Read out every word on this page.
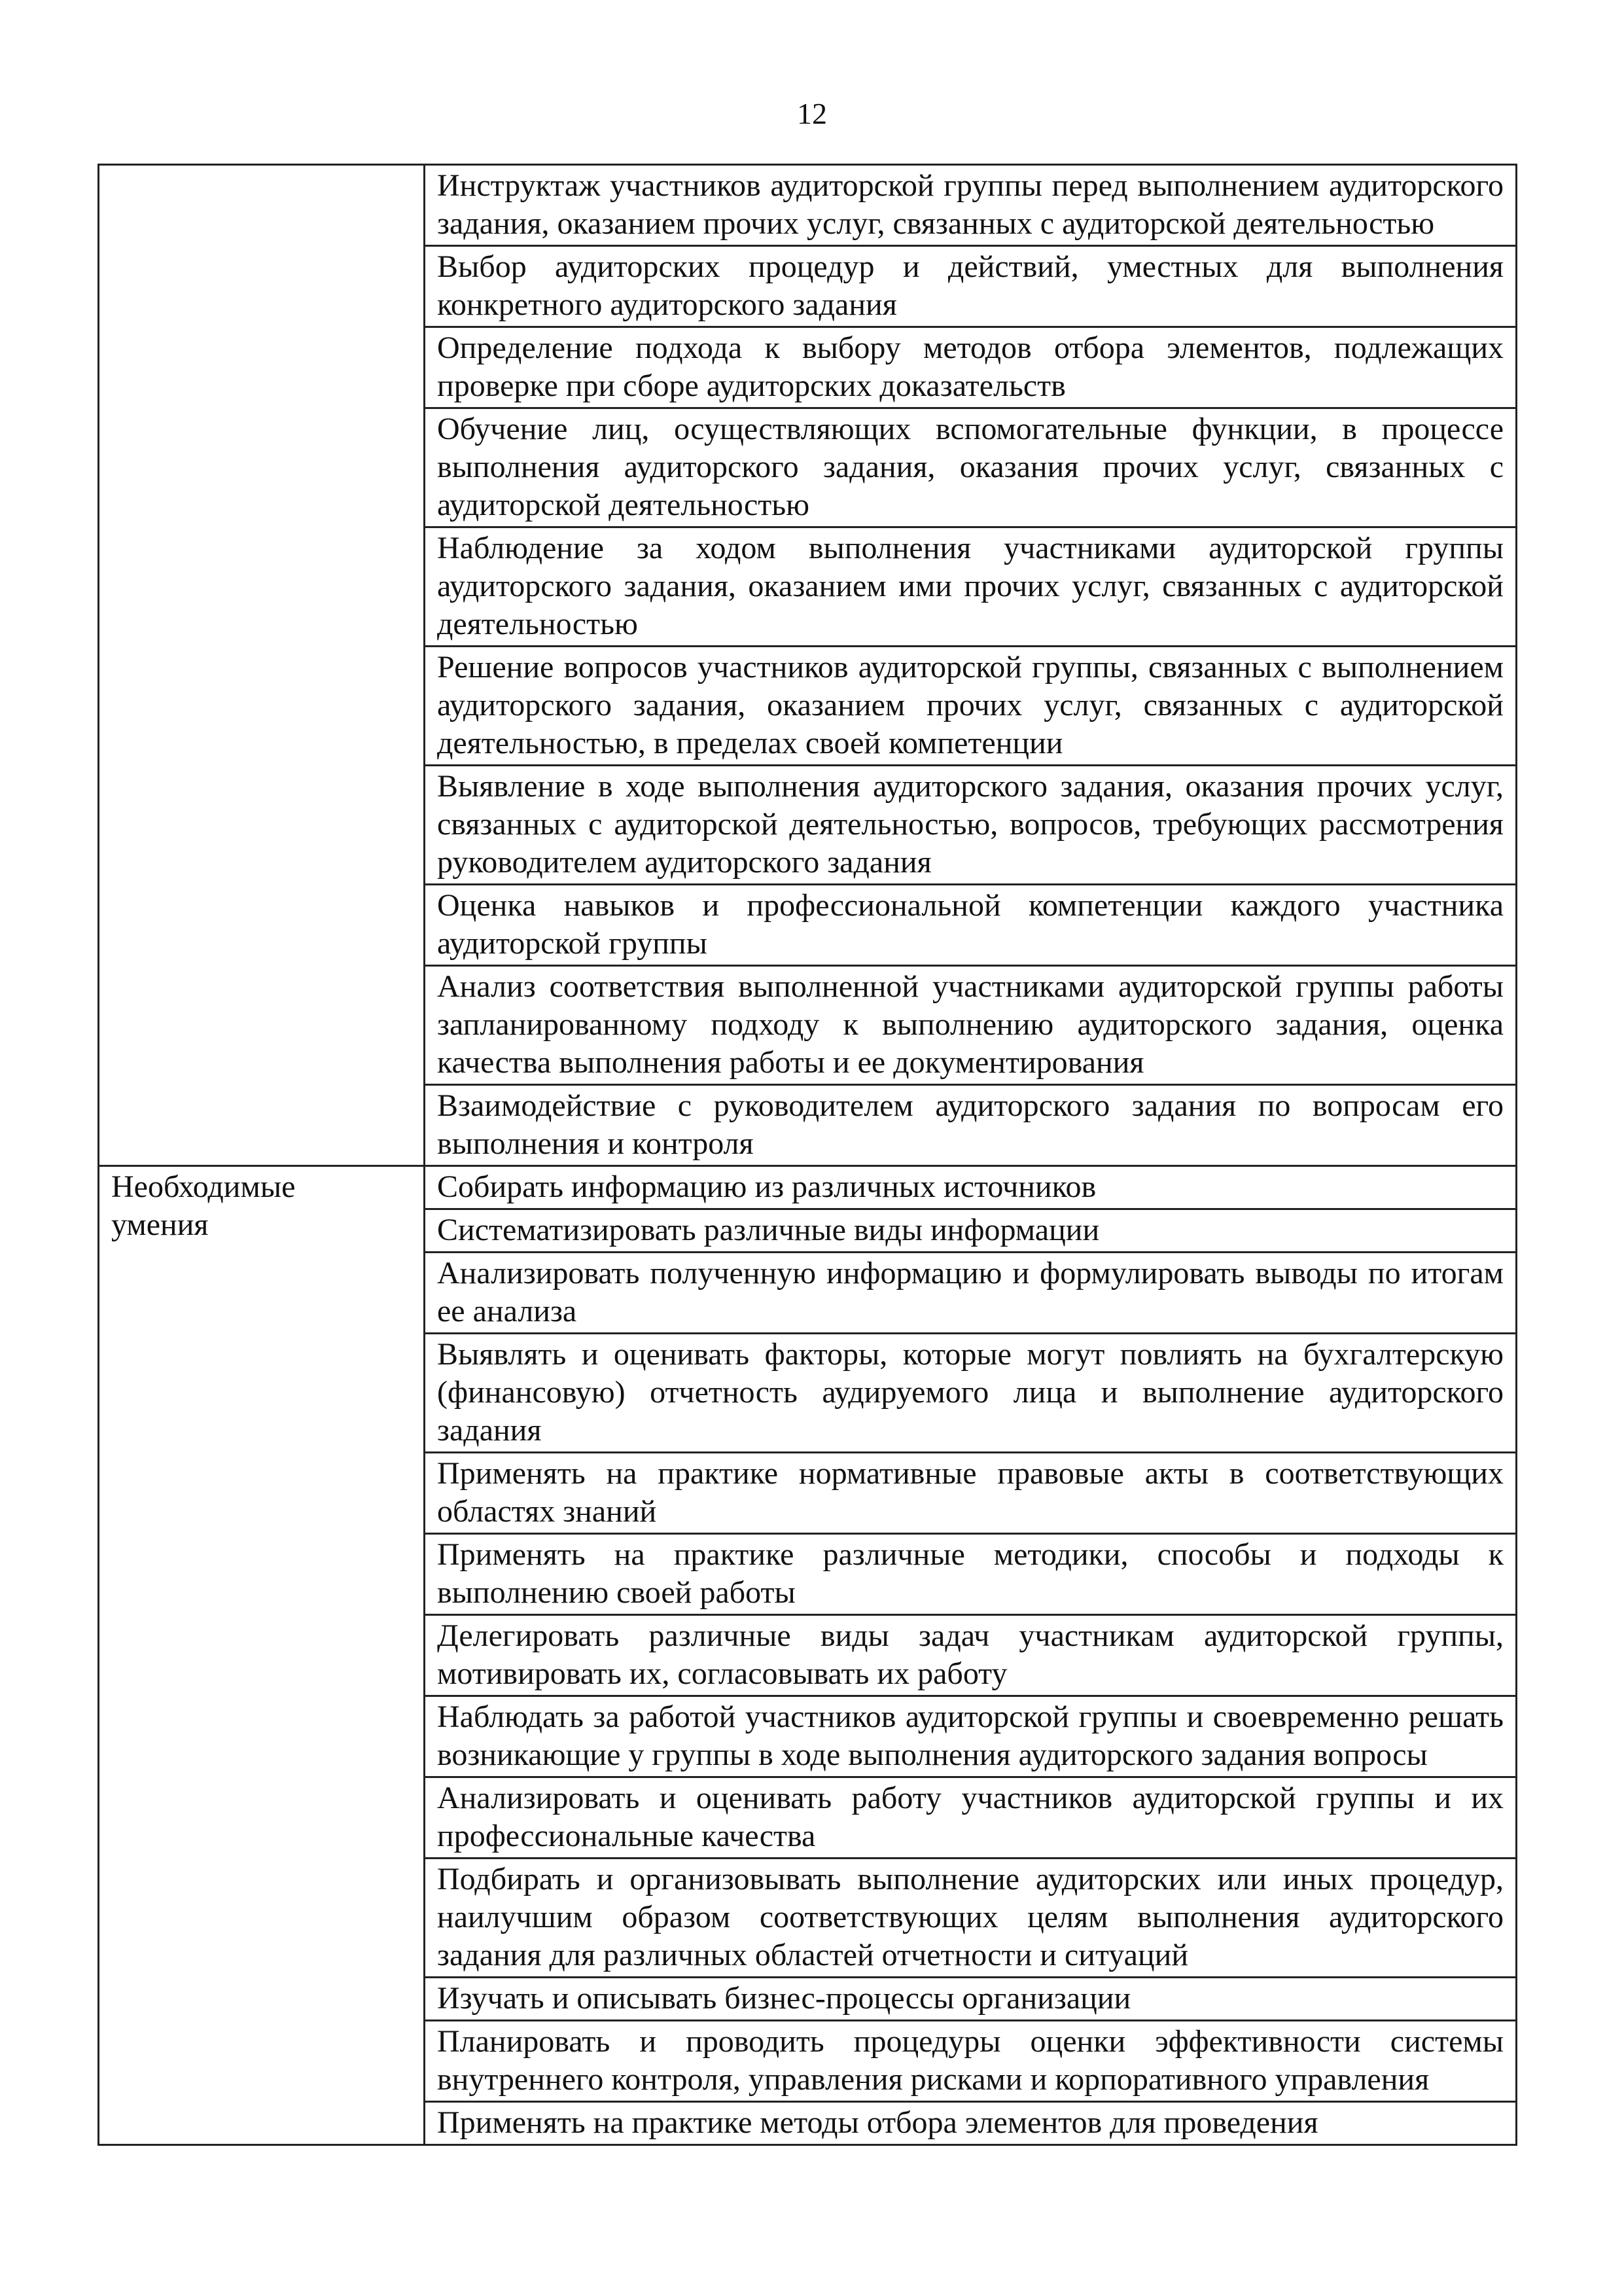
12
	Инструктаж участников аудиторской группы перед выполнением аудиторского задания, оказанием прочих услуг, связанных с аудиторской деятельностью
	Выбор аудиторских процедур и действий, уместных для выполнения конкретного аудиторского задания
	Определение подхода к выбору методов отбора элементов, подлежащих проверке при сборе аудиторских доказательств
	Обучение лиц, осуществляющих вспомогательные функции, в процессе выполнения аудиторского задания, оказания прочих услуг, связанных с аудиторской деятельностью
	Наблюдение за ходом выполнения участниками аудиторской группы аудиторского задания, оказанием ими прочих услуг, связанных с аудиторской деятельностью
	Решение вопросов участников аудиторской группы, связанных с выполнением аудиторского задания, оказанием прочих услуг, связанных с аудиторской деятельностью, в пределах своей компетенции
	Выявление в ходе выполнения аудиторского задания, оказания прочих услуг, связанных с аудиторской деятельностью, вопросов, требующих рассмотрения руководителем аудиторского задания
	Оценка навыков и профессиональной компетенции каждого участника аудиторской группы
	Анализ соответствия выполненной участниками аудиторской группы работы запланированному подходу к выполнению аудиторского задания, оценка качества выполнения работы и ее документирования
	Взаимодействие с руководителем аудиторского задания по вопросам его выполнения и контроля

Необходимые
умения	Собирать информацию из различных источников
	Систематизировать различные виды информации
	Анализировать полученную информацию и формулировать выводы по итогам ее анализа
	Выявлять и оценивать факторы, которые могут повлиять на бухгалтерскую (финансовую) отчетность аудируемого лица и выполнение аудиторского задания
	Применять на практике нормативные правовые акты в соответствующих областях знаний
	Применять на практике различные методики, способы и подходы к выполнению своей работы
	Делегировать различные виды задач участникам аудиторской группы, мотивировать их, согласовывать их работу
	Наблюдать за работой участников аудиторской группы и своевременно решать возникающие у группы в ходе выполнения аудиторского задания вопросы
	Анализировать и оценивать работу участников аудиторской группы и их профессиональные качества
	Подбирать и организовывать выполнение аудиторских или иных процедур, наилучшим образом соответствующих целям выполнения аудиторского задания для различных областей отчетности и ситуаций
	Изучать и описывать бизнес-процессы организации
	Планировать и проводить процедуры оценки эффективности системы внутреннего контроля, управления рисками и корпоративного управления
	Применять на практике методы отбора элементов для проведения
